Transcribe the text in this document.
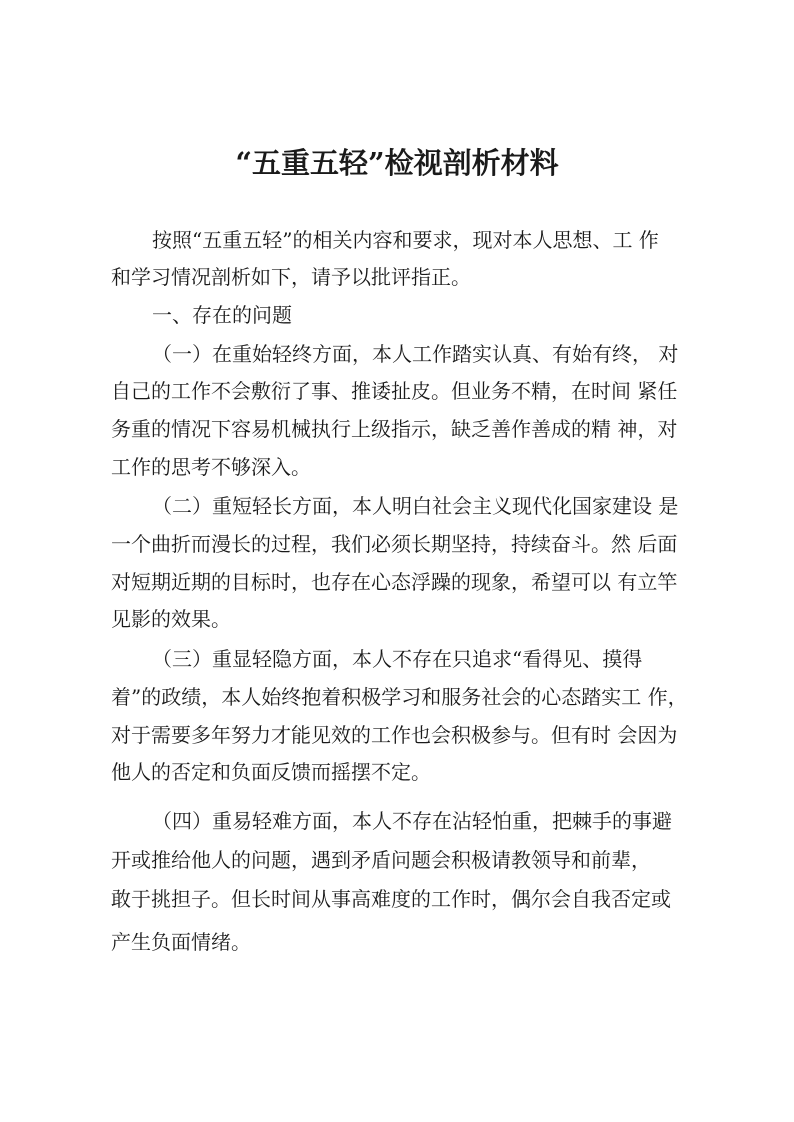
“五重五轻”检视剖析材料

按照“五重五轻”的相关内容和要求，现对本人思想、工 作

和学习情况剖析如下，请予以批评指正。

一、存在的问题

（一）在重始轻终方面，本人工作踏实认真、有始有终， 对

自己的工作不会敷衍了事、推诿扯皮。但业务不精，在时间 紧任

务重的情况下容易机械执行上级指示，缺乏善作善成的精 神，对

工作的思考不够深入。

（二）重短轻长方面，本人明白社会主义现代化国家建设 是

一个曲折而漫长的过程，我们必须长期坚持，持续奋斗。然 后面

对短期近期的目标时，也存在心态浮躁的现象，希望可以 有立竿

见影的效果。

（三）重显轻隐方面，本人不存在只追求“看得见、摸得

着”的政绩，本人始终抱着积极学习和服务社会的心态踏实工 作，

对于需要多年努力才能见效的工作也会积极参与。但有时 会因为

他人的否定和负面反馈而摇摆不定。

（四）重易轻难方面，本人不存在沾轻怕重，把棘手的事避

开或推给他人的问题，遇到矛盾问题会积极请教领导和前辈，

敢于挑担子。但长时间从事高难度的工作时，偶尔会自我否定或

产生负面情绪。
